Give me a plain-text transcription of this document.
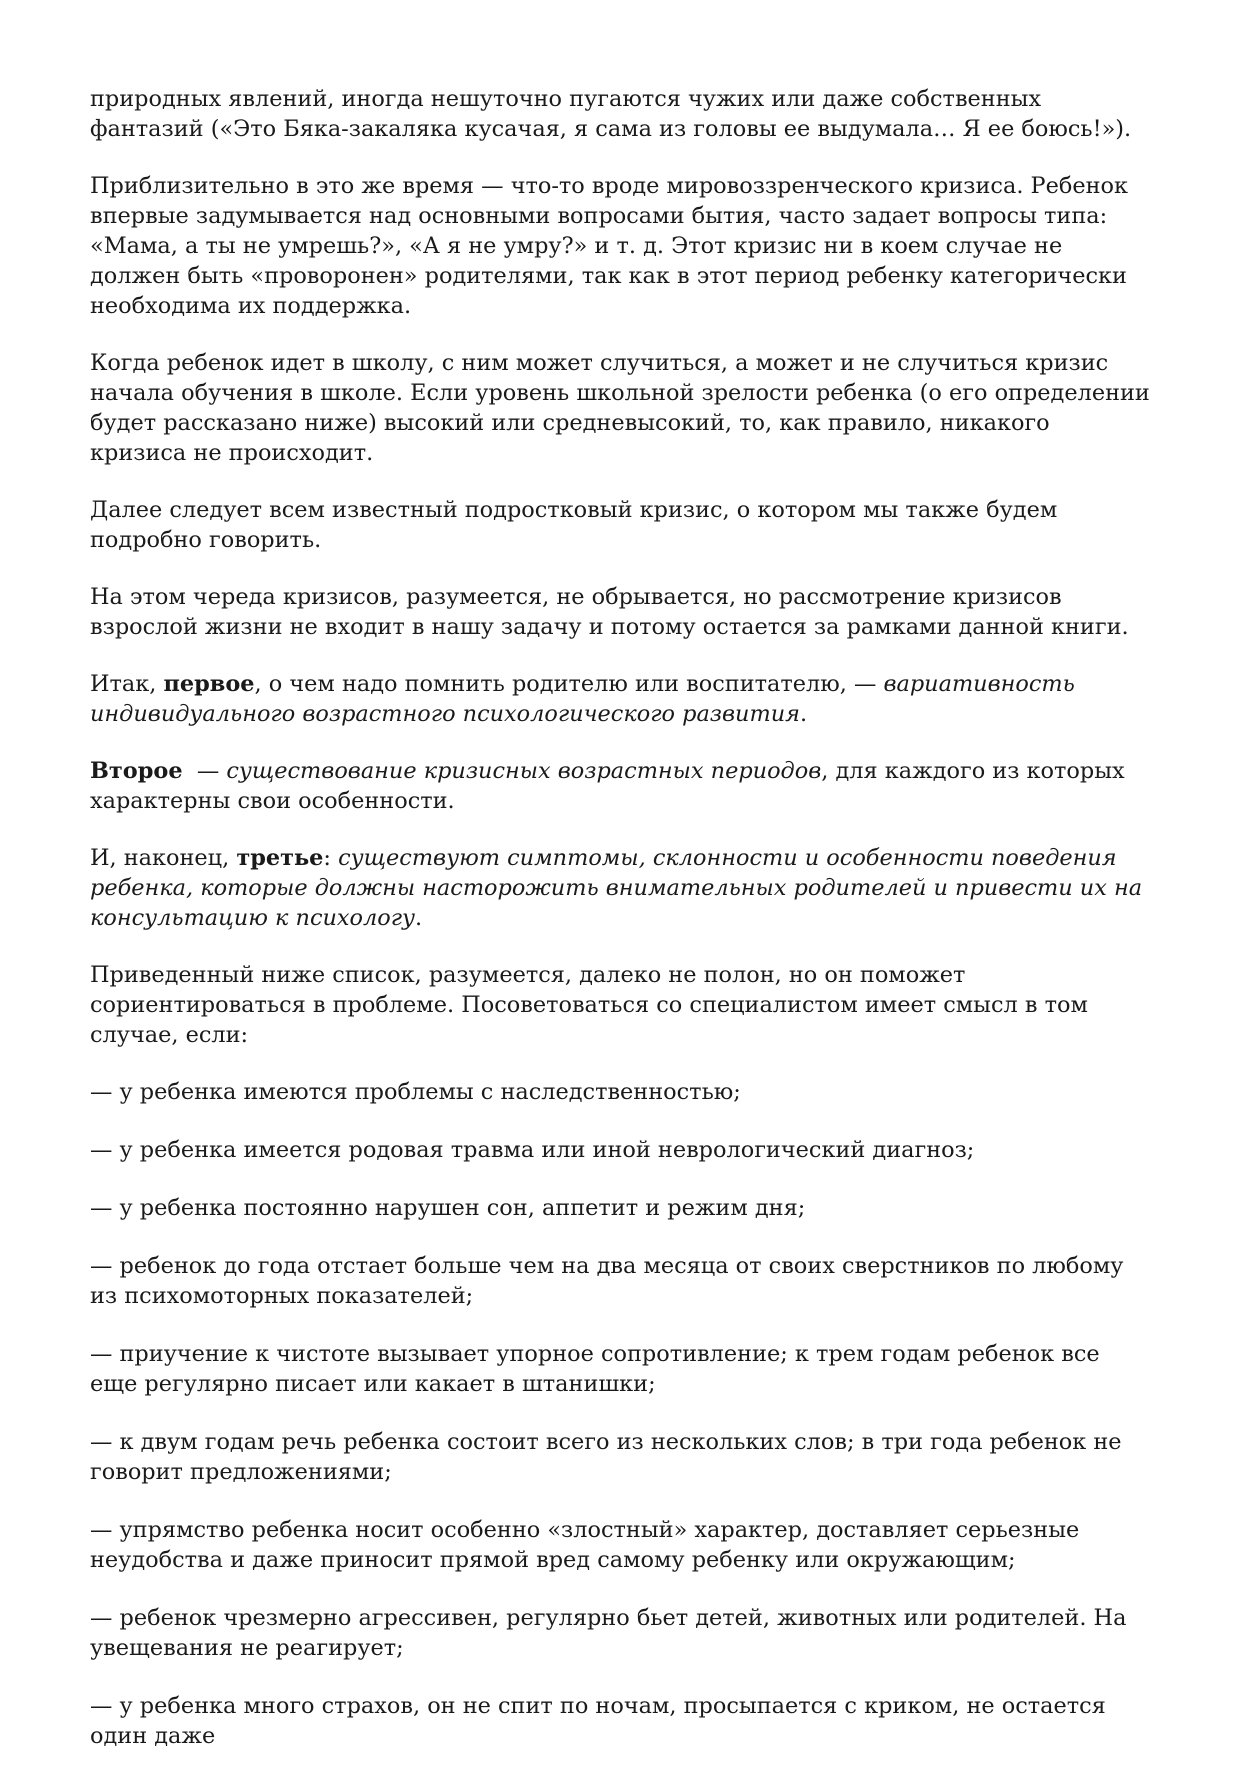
природных явлений, иногда нешуточно пугаются чужих или даже собственных фантазий («Это Бяка-закаляка кусачая, я сама из головы ее выдумала… Я ее боюсь!»).

Приблизительно в это же время — что-то вроде мировоззренческого кризиса. Ребенок впервые задумывается над основными вопросами бытия, часто задает вопросы типа: «Мама, а ты не умрешь?», «А я не умру?» и т. д. Этот кризис ни в коем случае не должен быть «проворонен» родителями, так как в этот период ребенку категорически необходима их поддержка.

Когда ребенок идет в школу, с ним может случиться, а может и не случиться кризис начала обучения в школе. Если уровень школьной зрелости ребенка (о его определении будет рассказано ниже) высокий или средневысокий, то, как правило, никакого кризиса не происходит.

Далее следует всем известный подростковый кризис, о котором мы также будем подробно говорить.

На этом череда кризисов, разумеется, не обрывается, но рассмотрение кризисов взрослой жизни не входит в нашу задачу и потому остается за рамками данной книги.

Итак, первое, о чем надо помнить родителю или воспитателю, — вариативность индивидуального возрастного психологического развития.

Второе  — существование кризисных возрастных периодов, для каждого из которых характерны свои особенности.

И, наконец, третье: существуют симптомы, склонности и особенности поведения ребенка, которые должны насторожить внимательных родителей и привести их на консультацию к психологу.

Приведенный ниже список, разумеется, далеко не полон, но он поможет сориентироваться в проблеме. Посоветоваться со специалистом имеет смысл в том случае, если:

— у ребенка имеются проблемы с наследственностью;

— у ребенка имеется родовая травма или иной неврологический диагноз;

— у ребенка постоянно нарушен сон, аппетит и режим дня;

— ребенок до года отстает больше чем на два месяца от своих сверстников по любому из психомоторных показателей;

— приучение к чистоте вызывает упорное сопротивление; к трем годам ребенок все еще регулярно писает или какает в штанишки;

— к двум годам речь ребенка состоит всего из нескольких слов; в три года ребенок не говорит предложениями;

— упрямство ребенка носит особенно «злостный» характер, доставляет серьезные неудобства и даже приносит прямой вред самому ребенку или окружающим;

— ребенок чрезмерно агрессивен, регулярно бьет детей, животных или родителей. На увещевания не реагирует;

— у ребенка много страхов, он не спит по ночам, просыпается с криком, не остается один даже
